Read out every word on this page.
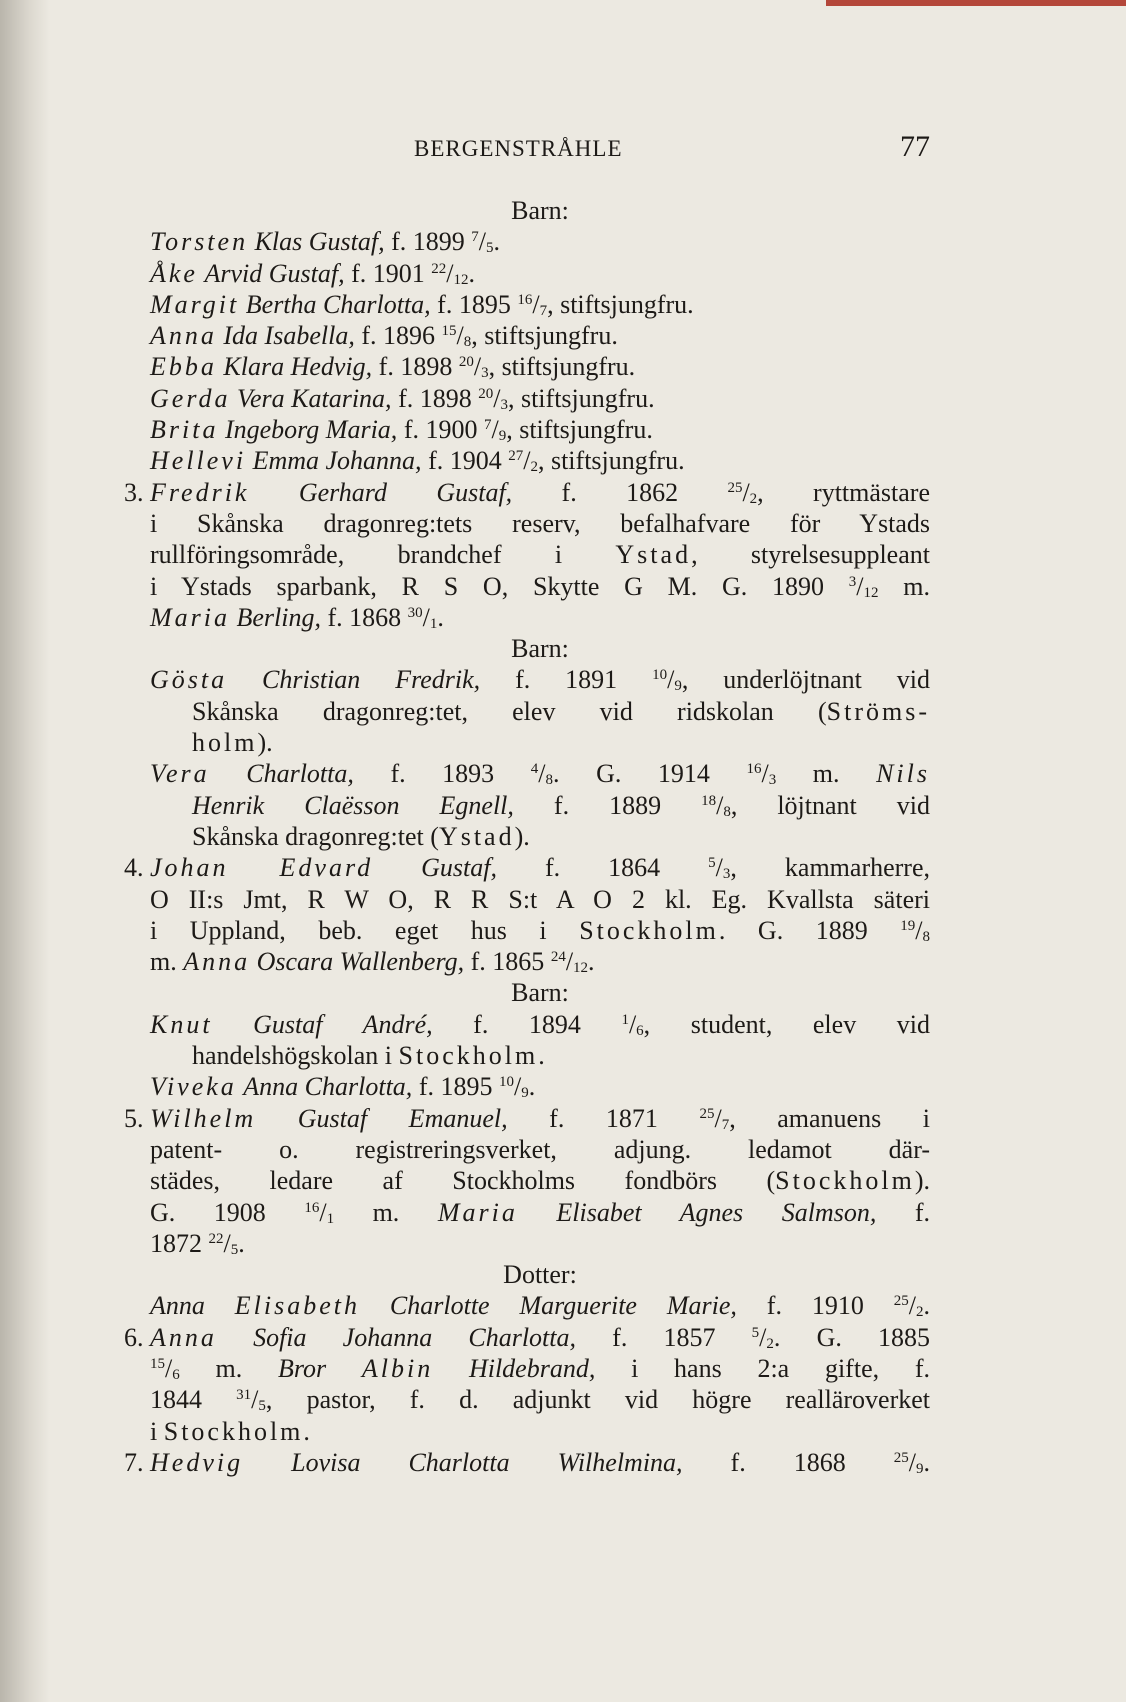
BERGENSTRÅHLE	77
Barn:
Torsten Klas Gustaf, f. 1899 $^7/_5$.
Åke Arvid Gustaf, f. 1901 $^{22}/_{12}$.
Margit Bertha Charlotta, f. 1895 $^{16}/_7$, stiftsjungfru.
Anna Ida Isabella, f. 1896 $^{15}/_8$, stiftsjungfru.
Ebba Klara Hedvig, f. 1898 $^{20}/_3$, stiftsjungfru.
Gerda Vera Katarina, f. 1898 $^{20}/_3$, stiftsjungfru.
Brita Ingeborg Maria, f. 1900 $^7/_9$, stiftsjungfru.
Hellevi Emma Johanna, f. 1904 $^{27}/_2$, stiftsjungfru.
3. Fredrik Gerhard Gustaf, f. 1862 $^{25}/_2$, ryttmästare
i Skånska dragonreg:tets reserv, befalhafvare för Ystads
rullföringsområde, brandchef i Ystad, styrelsesuppleant
i Ystads sparbank, R S O, Skytte G M. G. 1890 $^3/_{12}$ m.
Maria Berling, f. 1868 $^{30}/_1$.
Barn:
Gösta Christian Fredrik, f. 1891 $^{10}/_9$, underlöjtnant vid
Skånska dragonreg:tet, elev vid ridskolan (Ströms-
holm).
Vera Charlotta, f. 1893 $^4/_8$. G. 1914 $^{16}/_3$ m. Nils
Henrik Claësson Egnell, f. 1889 $^{18}/_8$, löjtnant vid
Skånska dragonreg:tet (Ystad).
4. Johan Edvard Gustaf, f. 1864 $^5/_3$, kammarherre,
O II:s Jmt, R W O, R R S:t A O 2 kl. Eg. Kvallsta säteri
i Uppland, beb. eget hus i Stockholm. G. 1889 $^{19}/_8$
m. Anna Oscara Wallenberg, f. 1865 $^{24}/_{12}$.
Barn:
Knut Gustaf André, f. 1894 $^1/_6$, student, elev vid
handelshögskolan i Stockholm.
Viveka Anna Charlotta, f. 1895 $^{10}/_9$.
5. Wilhelm Gustaf Emanuel, f. 1871 $^{25}/_7$, amanuens i
patent- o. registreringsverket, adjung. ledamot där-
städes, ledare af Stockholms fondbörs (Stockholm).
G. 1908 $^{16}/_1$ m. Maria Elisabet Agnes Salmson, f.
1872 $^{22}/_5$.
Dotter:
Anna Elisabeth Charlotte Marguerite Marie, f. 1910 $^{25}/_2$.
6. Anna Sofia Johanna Charlotta, f. 1857 $^5/_2$. G. 1885
$^{15}/_6$ m. Bror Albin Hildebrand, i hans 2:a gifte, f.
1844 $^{31}/_5$, pastor, f. d. adjunkt vid högre realläroverket
i Stockholm.
7. Hedvig Lovisa Charlotta Wilhelmina, f. 1868 $^{25}/_9$.
